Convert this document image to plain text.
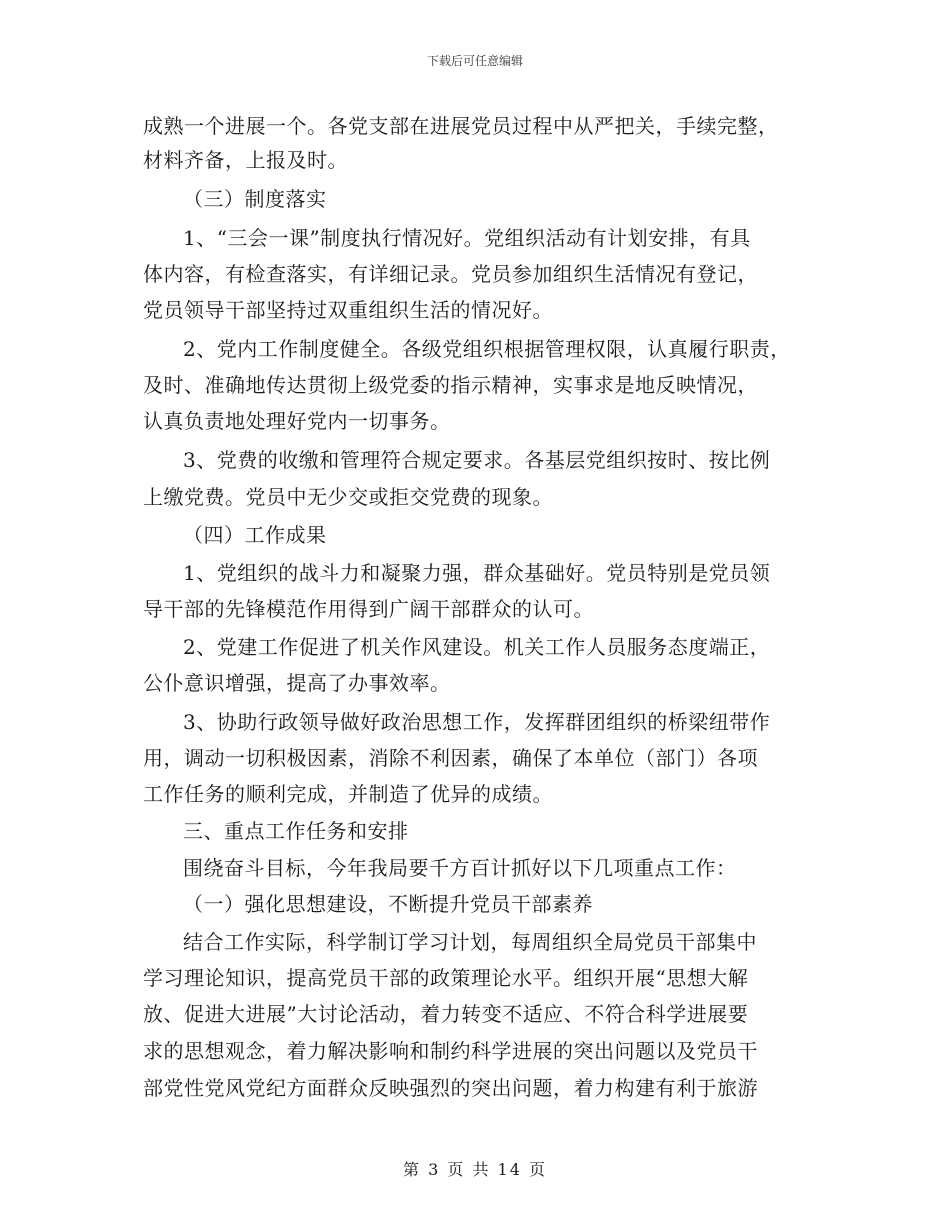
下载后可任意编辑
成熟一个进展一个。各党支部在进展党员过程中从严把关，手续完整，
材料齐备，上报及时。
（三）制度落实
1、“三会一课”制度执行情况好。党组织活动有计划安排，有具
体内容，有检查落实，有详细记录。党员参加组织生活情况有登记，
党员领导干部坚持过双重组织生活的情况好。
2、党内工作制度健全。各级党组织根据管理权限，认真履行职责，
及时、准确地传达贯彻上级党委的指示精神，实事求是地反映情况，
认真负责地处理好党内一切事务。
3、党费的收缴和管理符合规定要求。各基层党组织按时、按比例
上缴党费。党员中无少交或拒交党费的现象。
（四）工作成果
1、党组织的战斗力和凝聚力强，群众基础好。党员特别是党员领
导干部的先锋模范作用得到广阔干部群众的认可。
2、党建工作促进了机关作风建设。机关工作人员服务态度端正，
公仆意识增强，提高了办事效率。
3、协助行政领导做好政治思想工作，发挥群团组织的桥梁纽带作
用，调动一切积极因素，消除不利因素，确保了本单位（部门）各项
工作任务的顺利完成，并制造了优异的成绩。
三、重点工作任务和安排
围绕奋斗目标，今年我局要千方百计抓好以下几项重点工作：
（一）强化思想建设，不断提升党员干部素养
结合工作实际，科学制订学习计划，每周组织全局党员干部集中
学习理论知识，提高党员干部的政策理论水平。组织开展“思想大解
放、促进大进展”大讨论活动，着力转变不适应、不符合科学进展要
求的思想观念，着力解决影响和制约科学进展的突出问题以及党员干
部党性党风党纪方面群众反映强烈的突出问题，着力构建有利于旅游
第 3 页 共 14 页
